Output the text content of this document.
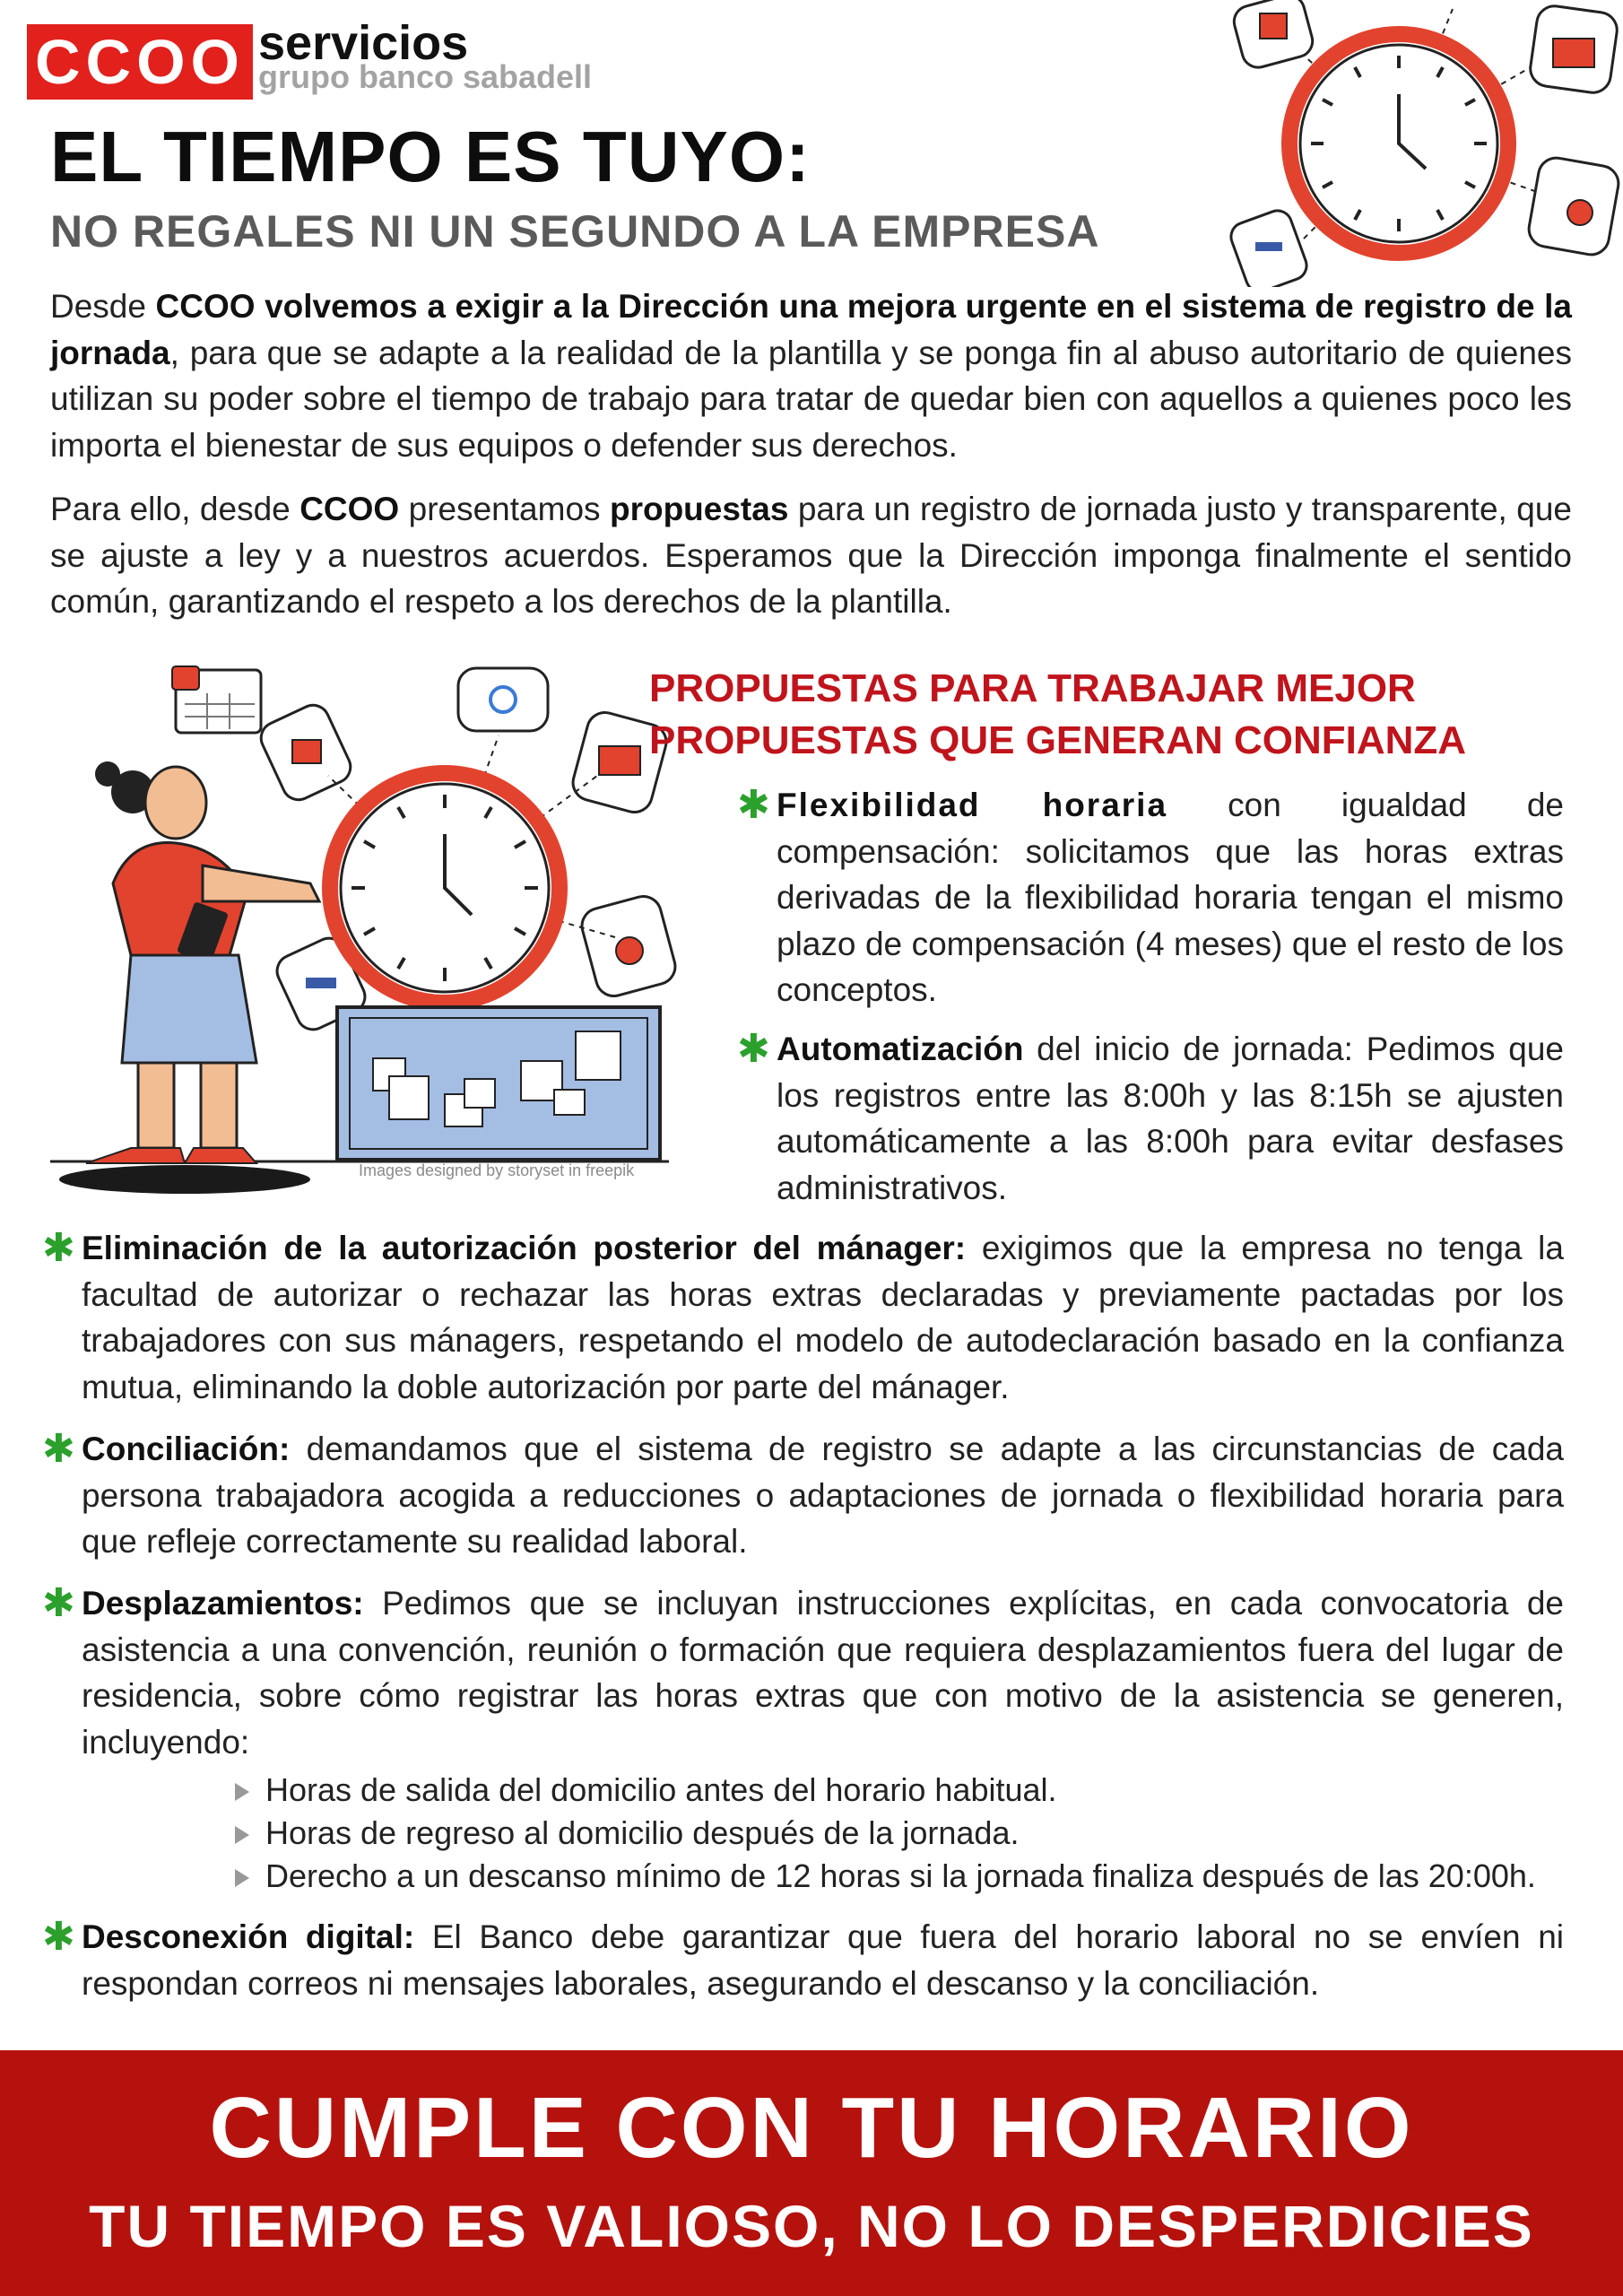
CCOO servicios
grupo banco sabadell
EL TIEMPO ES TUYO:
NO REGALES NI UN SEGUNDO A LA EMPRESA
Desde CCOO volvemos a exigir a la Dirección una mejora urgente en el sistema de registro de la jornada, para que se adapte a la realidad de la plantilla y se ponga fin al abuso autoritario de quienes utilizan su poder sobre el tiempo de trabajo para tratar de quedar bien con aquellos a quienes poco les importa el bienestar de sus equipos o defender sus derechos.
Para ello, desde CCOO presentamos propuestas para un registro de jornada justo y transparente, que se ajuste a ley y a nuestros acuerdos. Esperamos que la Dirección imponga finalmente el sentido común, garantizando el respeto a los derechos de la plantilla.
Images designed by storyset in freepik
PROPUESTAS PARA TRABAJAR MEJOR
PROPUESTAS QUE GENERAN CONFIANZA
✱ Flexibilidad horaria con igualdad de compensación: solicitamos que las horas extras derivadas de la flexibilidad horaria tengan el mismo plazo de compensación (4 meses) que el resto de los conceptos.
✱ Automatización del inicio de jornada: Pedimos que los registros entre las 8:00h y las 8:15h se ajusten automáticamente a las 8:00h para evitar desfases administrativos.
✱ Eliminación de la autorización posterior del mánager: exigimos que la empresa no tenga la facultad de autorizar o rechazar las horas extras declaradas y previamente pactadas por los trabajadores con sus mánagers, respetando el modelo de autodeclaración basado en la confianza mutua, eliminando la doble autorización por parte del mánager.
✱ Conciliación: demandamos que el sistema de registro se adapte a las circunstancias de cada persona trabajadora acogida a reducciones o adaptaciones de jornada o flexibilidad horaria para que refleje correctamente su realidad laboral.
✱ Desplazamientos: Pedimos que se incluyan instrucciones explícitas, en cada convocatoria de asistencia a una convención, reunión o formación que requiera desplazamientos fuera del lugar de residencia, sobre cómo registrar las horas extras que con motivo de la asistencia se generen, incluyendo:
Horas de salida del domicilio antes del horario habitual.
Horas de regreso al domicilio después de la jornada.
Derecho a un descanso mínimo de 12 horas si la jornada finaliza después de las 20:00h.
✱ Desconexión digital: El Banco debe garantizar que fuera del horario laboral no se envíen ni respondan correos ni mensajes laborales, asegurando el descanso y la conciliación.
CUMPLE CON TU HORARIO
TU TIEMPO ES VALIOSO, NO LO DESPERDICIES
